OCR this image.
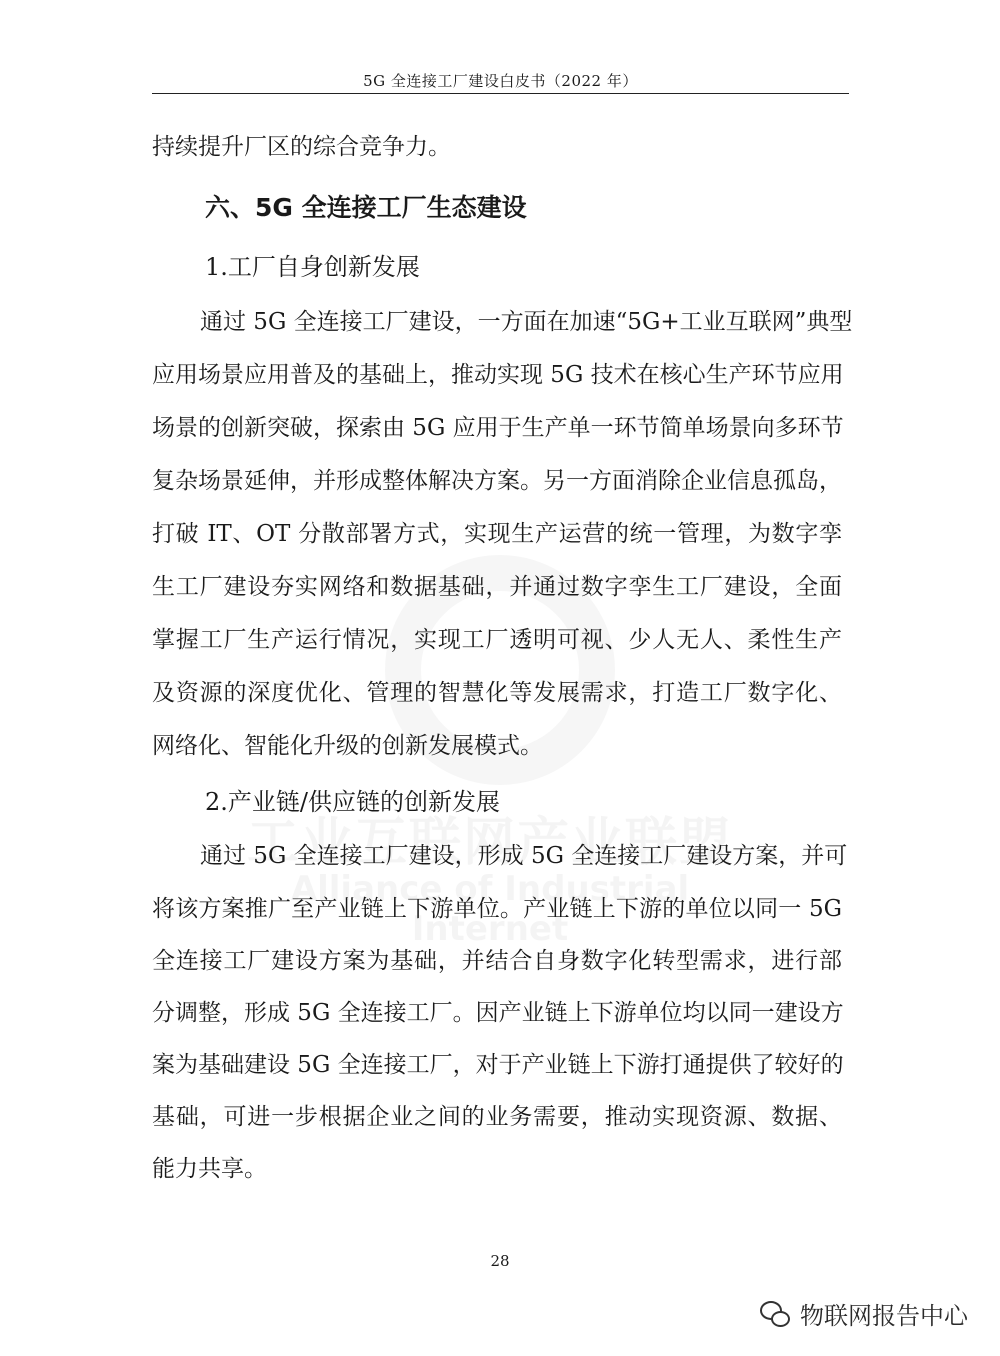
5G 全连接工厂建设白皮书（2022 年）
持续提升厂区的综合竞争力。
六、5G 全连接工厂生态建设
1.工厂自身创新发展
通过 5G 全连接工厂建设，一方面在加速“5G+工业互联网”典型
应用场景应用普及的基础上，推动实现 5G 技术在核心生产环节应用
场景的创新突破，探索由 5G 应用于生产单一环节简单场景向多环节
复杂场景延伸，并形成整体解决方案。另一方面消除企业信息孤岛，
打破 IT、OT 分散部署方式，实现生产运营的统一管理，为数字孪
生工厂建设夯实网络和数据基础，并通过数字孪生工厂建设，全面
掌握工厂生产运行情况，实现工厂透明可视、少人无人、柔性生产
及资源的深度优化、管理的智慧化等发展需求，打造工厂数字化、
网络化、智能化升级的创新发展模式。
2.产业链/供应链的创新发展
通过 5G 全连接工厂建设，形成 5G 全连接工厂建设方案，并可
将该方案推广至产业链上下游单位。产业链上下游的单位以同一 5G
全连接工厂建设方案为基础，并结合自身数字化转型需求，进行部
分调整，形成 5G 全连接工厂。因产业链上下游单位均以同一建设方
案为基础建设 5G 全连接工厂，对于产业链上下游打通提供了较好的
基础，可进一步根据企业之间的业务需要，推动实现资源、数据、
能力共享。
28
物联网报告中心
